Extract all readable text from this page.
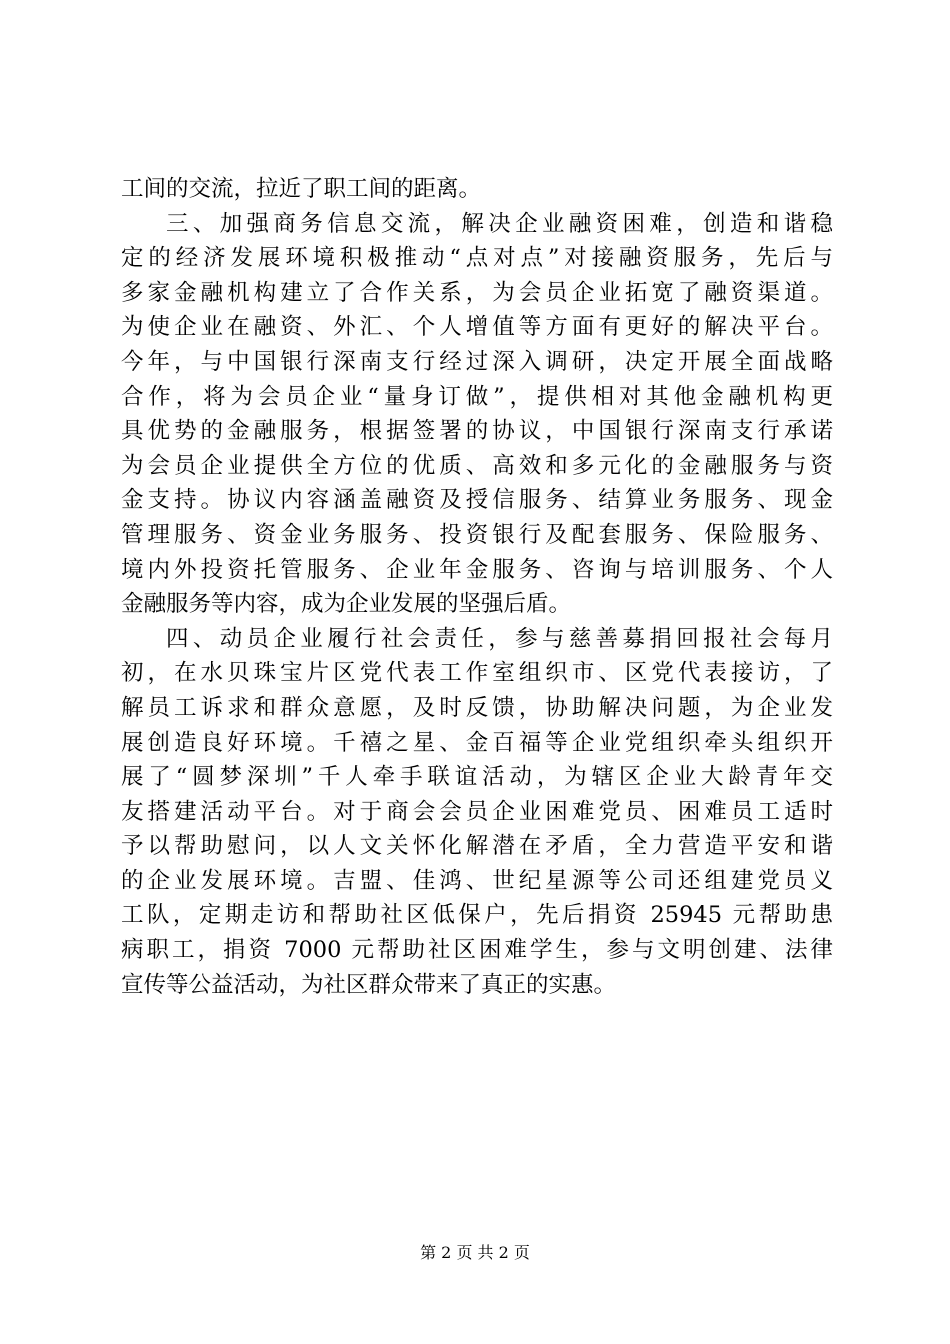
工间的交流，拉近了职工间的距离。
三、加强商务信息交流，解决企业融资困难，创造和谐稳
定的经济发展环境积极推动“点对点”对接融资服务，先后与
多家金融机构建立了合作关系，为会员企业拓宽了融资渠道。
为使企业在融资、外汇、个人增值等方面有更好的解决平台。
今年，与中国银行深南支行经过深入调研，决定开展全面战略
合作，将为会员企业“量身订做”，提供相对其他金融机构更
具优势的金融服务，根据签署的协议，中国银行深南支行承诺
为会员企业提供全方位的优质、高效和多元化的金融服务与资
金支持。协议内容涵盖融资及授信服务、结算业务服务、现金
管理服务、资金业务服务、投资银行及配套服务、保险服务、
境内外投资托管服务、企业年金服务、咨询与培训服务、个人
金融服务等内容，成为企业发展的坚强后盾。
四、动员企业履行社会责任，参与慈善募捐回报社会每月
初，在水贝珠宝片区党代表工作室组织市、区党代表接访，了
解员工诉求和群众意愿，及时反馈，协助解决问题，为企业发
展创造良好环境。千禧之星、金百福等企业党组织牵头组织开
展了“圆梦深圳”千人牵手联谊活动，为辖区企业大龄青年交
友搭建活动平台。对于商会会员企业困难党员、困难员工适时
予以帮助慰问，以人文关怀化解潜在矛盾，全力营造平安和谐
的企业发展环境。吉盟、佳鸿、世纪星源等公司还组建党员义
工队，定期走访和帮助社区低保户，先后捐资 25945 元帮助患
病职工，捐资 7000 元帮助社区困难学生，参与文明创建、法律
宣传等公益活动，为社区群众带来了真正的实惠。
第 2 页 共 2 页
